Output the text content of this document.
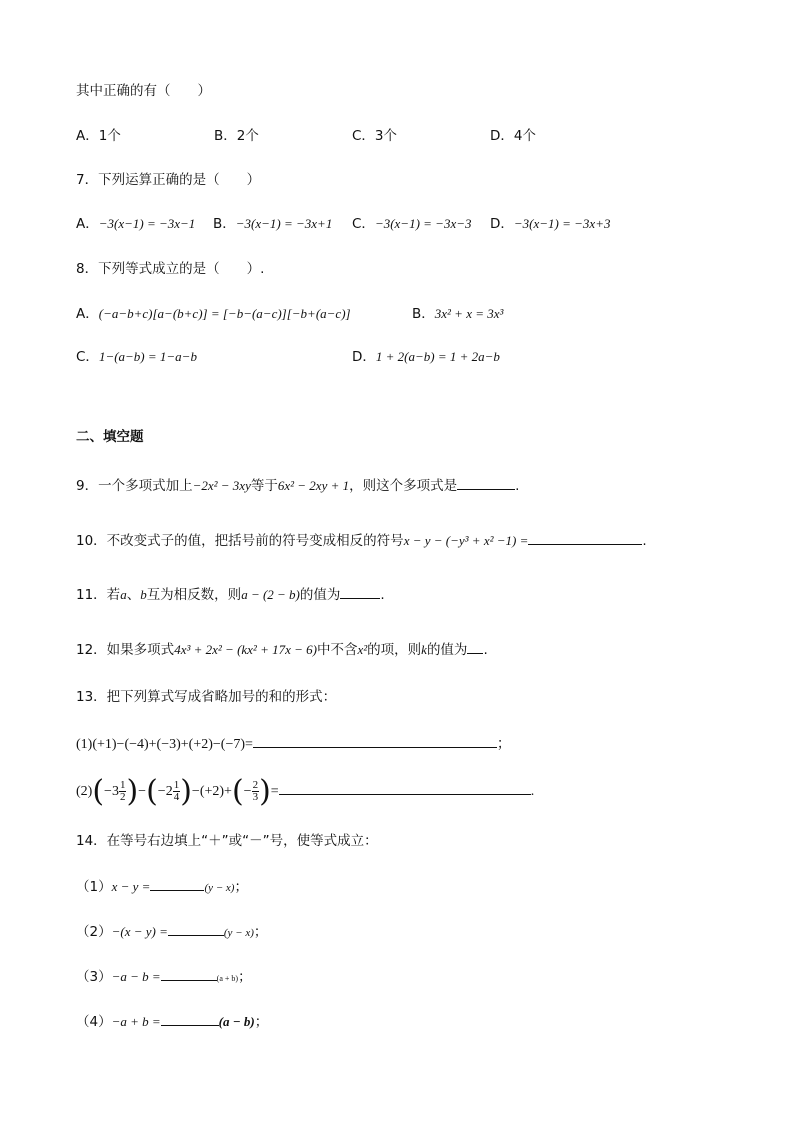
其中正确的有（　　）
A．1个	B．2个	C．3个	D．4个
7．下列运算正确的是（　　）
A．−3(x−1) = −3x−1 B．−3(x−1) = −3x+1 C．−3(x−1) = −3x−3 D．−3(x−1) = −3x+3
8．下列等式成立的是（　　）.
A．(−a−b+c)[a−(b+c)] = [−b−(a−c)][−b+(a−c)]	B．3x² + x = 3x³
C．1−(a−b) = 1−a−b	D．1 + 2(a−b) = 1 + 2a−b
二、填空题
9．一个多项式加上−2x² − 3xy等于6x² − 2xy + 1，则这个多项式是	.
10．不改变式子的值，把括号前的符号变成相反的符号x − y − (−y³ + x² −1) =	.
11．若a、b互为相反数，则a − (2 − b)的值为	.
12．如果多项式4x³ + 2x² − (kx² + 17x − 6)中不含x²的项，则k的值为 .
13．把下列算式写成省略加号的和的形式：
(1)(+1)−(−4)+(−3)+(+2)−(−7)=	；
$(2)(-3 \frac{1}{2} )-(-2 \frac{1}{4} )-(+2)+(- \frac{2}{3}$ )=	.
14．在等号右边填上“＋”或“－”号，使等式成立：
（1）x − y =	(y − x)；
（2）−(x − y) =	(y − x)；
（3）−a − b =	(a + b)；
（4）−a + b =	(a − b)；
